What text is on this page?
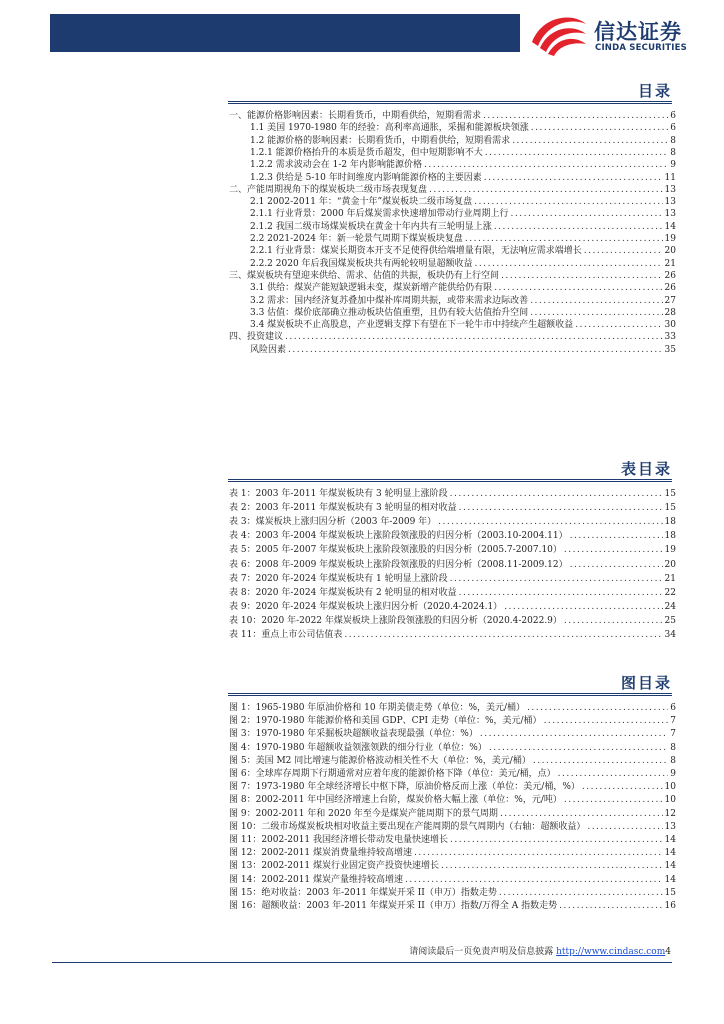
信达证券
CINDA SECURITIES
目录
一、能源价格影响因素：长期看货币，中期看供给，短期看需求 .....	6
1.1 美国 1970-1980 年的经验：高利率高通胀，采掘和能源板块领涨 .....	6
1.2 能源价格的影响因素：长期看货币，中期看供给，短期看需求 .....	8
1.2.1 能源价格抬升的本质是货币超发，但中短期影响不大 .....	8
1.2.2 需求波动会在 1-2 年内影响能源价格 .....	9
1.2.3 供给是 5-10 年时间维度内影响能源价格的主要因素 .....	11
二、产能周期视角下的煤炭板块二级市场表现复盘 .....	13
2.1 2002-2011 年：“黄金十年”煤炭板块二级市场复盘 .....	13
2.1.1 行业背景：2000 年后煤炭需求快速增加带动行业周期上行 .....	13
2.1.2 我国二级市场煤炭板块在黄金十年内共有三轮明显上涨 .....	14
2.2 2021-2024 年：新一轮景气周期下煤炭板块复盘 .....	19
2.2.1 行业背景：煤炭长期资本开支不足使得供给端增量有限，无法响应需求端增长 .....	20
2.2.2 2020 年后我国煤炭板块共有两轮较明显超额收益 .....	21
三、煤炭板块有望迎来供给、需求、估值的共振，板块仍有上行空间 .....	26
3.1 供给：煤炭产能短缺逻辑未变，煤炭新增产能供给仍有限 .....	26
3.2 需求：国内经济复苏叠加中煤补库周期共振，或带来需求边际改善 .....	27
3.3 估值：煤价底部确立推动板块估值重塑，且仍有较大估值抬升空间 .....	28
3.4 煤炭板块不止高股息，产业逻辑支撑下有望在下一轮牛市中持续产生超额收益 .....	30
四、投资建议 .....	33
风险因素 .....	35
表目录
表 1：2003 年-2011 年煤炭板块有 3 轮明显上涨阶段 .....	15
表 2：2003 年-2011 年煤炭板块有 3 轮明显的相对收益 .....	15
表 3：煤炭板块上涨归因分析（2003 年-2009 年） .....	18
表 4：2003 年-2004 年煤炭板块上涨阶段领涨股的归因分析（2003.10-2004.11） .....	18
表 5：2005 年-2007 年煤炭板块上涨阶段领涨股的归因分析（2005.7-2007.10） .....	19
表 6：2008 年-2009 年煤炭板块上涨阶段领涨股的归因分析（2008.11-2009.12） .....	20
表 7：2020 年-2024 年煤炭板块有 1 轮明显上涨阶段 .....	21
表 8：2020 年-2024 年煤炭板块有 2 轮明显的相对收益 .....	22
表 9：2020 年-2024 年煤炭板块上涨归因分析（2020.4-2024.1） .....	24
表 10：2020 年-2022 年煤炭板块上涨阶段领涨股的归因分析（2020.4-2022.9） .....	25
表 11：重点上市公司估值表 .....	34
图目录
图 1：1965-1980 年原油价格和 10 年期美债走势（单位：%，美元/桶） .....	6
图 2：1970-1980 年能源价格和美国 GDP、CPI 走势（单位：%，美元/桶） .....	7
图 3：1970-1980 年采掘板块超额收益表现最强（单位：%） .....	7
图 4：1970-1980 年超额收益领涨领跌的细分行业（单位：%） .....	8
图 5：美国 M2 同比增速与能源价格波动相关性不大（单位：%，美元/桶） .....	8
图 6：全球库存周期下行期通常对应着年度的能源价格下降（单位：美元/桶，点） .....	9
图 7：1973-1980 年全球经济增长中枢下降，原油价格反而上涨（单位：美元/桶，%） .....	10
图 8：2002-2011 年中国经济增速上台阶，煤炭价格大幅上涨（单位：%，元/吨） .....	10
图 9：2002-2011 年和 2020 年至今是煤炭产能周期下的景气周期 .....	12
图 10：二级市场煤炭板块相对收益主要出现在产能周期的景气周期内（右轴：超额收益） .....	13
图 11：2002-2011 我国经济增长带动发电量快速增长 .....	14
图 12：2002-2011 煤炭消费量维持较高增速 .....	14
图 13：2002-2011 煤炭行业固定资产投资快速增长 .....	14
图 14：2002-2011 煤炭产量维持较高增速 .....	14
图 15：绝对收益：2003 年-2011 年煤炭开采 II（申万）指数走势 .....	15
图 16：超额收益：2003 年-2011 年煤炭开采 II（申万）指数/万得全 A 指数走势 .....	16
请阅读最后一页免责声明及信息披露 http://www.cindasc.com4
